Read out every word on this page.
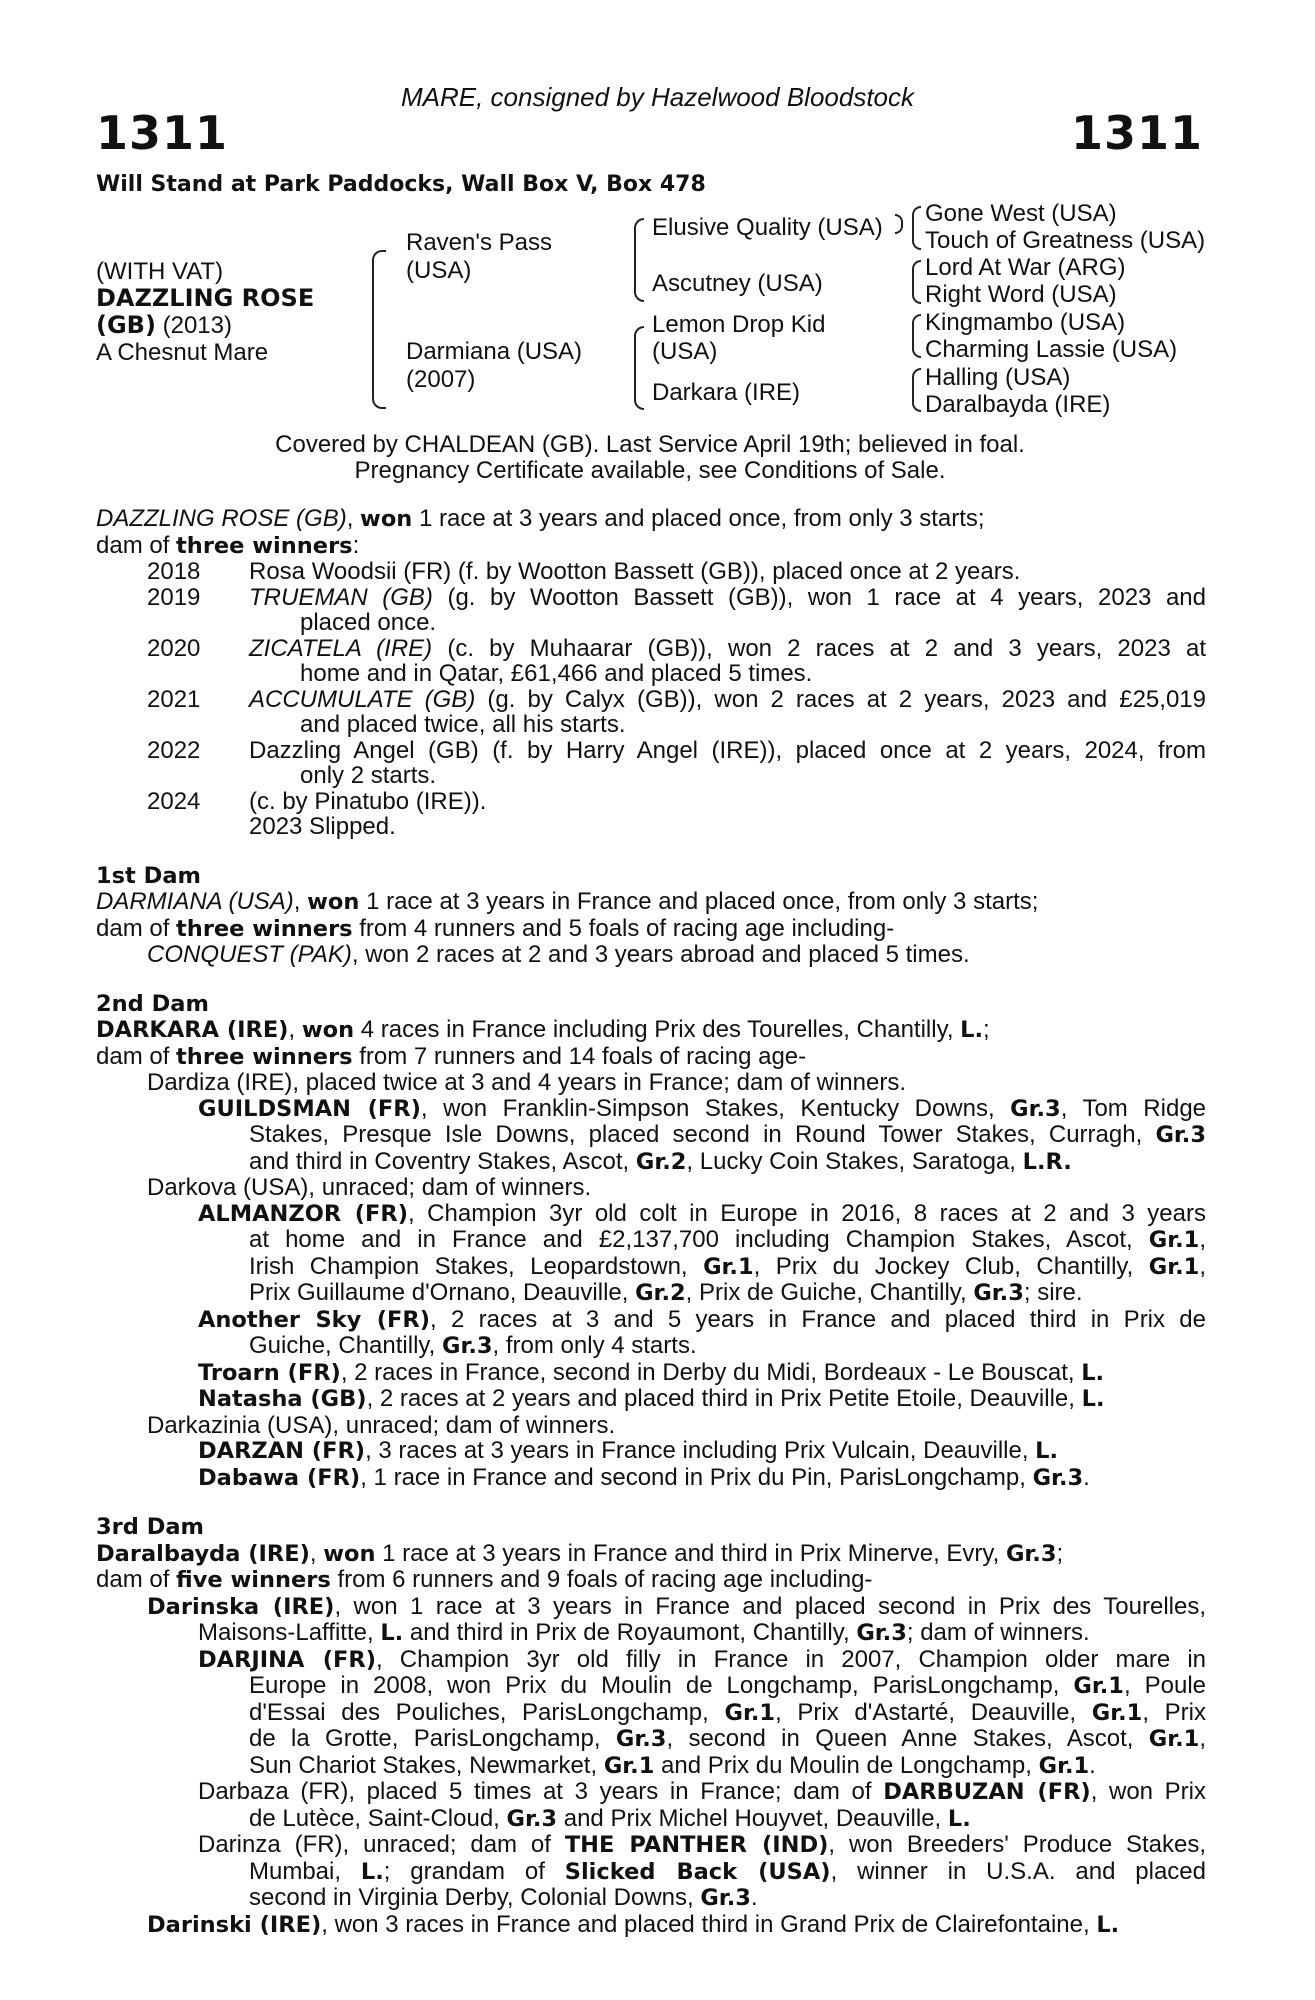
MARE, consigned by Hazelwood Bloodstock
1311	1311
Will Stand at Park Paddocks, Wall Box V, Box 478
(WITH VAT)
DAZZLING ROSE
(GB) (2013)
A Chesnut Mare
Raven's Pass
(USA)
Darmiana (USA)
(2007)
Elusive Quality (USA)
Ascutney (USA)
Lemon Drop Kid
(USA)
Darkara (IRE)
Gone West (USA)
Touch of Greatness (USA)
Lord At War (ARG)
Right Word (USA)
Kingmambo (USA)
Charming Lassie (USA)
Halling (USA)
Daralbayda (IRE)
Covered by CHALDEAN (GB). Last Service April 19th; believed in foal.
Pregnancy Certificate available, see Conditions of Sale.
DAZZLING ROSE (GB), won 1 race at 3 years and placed once, from only 3 starts;
dam of three winners:
2018	Rosa Woodsii (FR) (f. by Wootton Bassett (GB)), placed once at 2 years.
2019	TRUEMAN (GB) (g. by Wootton Bassett (GB)), won 1 race at 4 years, 2023 and
placed once.
2020	ZICATELA (IRE) (c. by Muhaarar (GB)), won 2 races at 2 and 3 years, 2023 at
home and in Qatar, £61,466 and placed 5 times.
2021	ACCUMULATE (GB) (g. by Calyx (GB)), won 2 races at 2 years, 2023 and £25,019
and placed twice, all his starts.
2022	Dazzling Angel (GB) (f. by Harry Angel (IRE)), placed once at 2 years, 2024, from
only 2 starts.
2024	(c. by Pinatubo (IRE)).
2023 Slipped.
1st Dam
DARMIANA (USA), won 1 race at 3 years in France and placed once, from only 3 starts;
dam of three winners from 4 runners and 5 foals of racing age including-
CONQUEST (PAK), won 2 races at 2 and 3 years abroad and placed 5 times.
2nd Dam
DARKARA (IRE), won 4 races in France including Prix des Tourelles, Chantilly, L.;
dam of three winners from 7 runners and 14 foals of racing age-
Dardiza (IRE), placed twice at 3 and 4 years in France; dam of winners.
GUILDSMAN (FR), won Franklin-Simpson Stakes, Kentucky Downs, Gr.3, Tom Ridge
Stakes, Presque Isle Downs, placed second in Round Tower Stakes, Curragh, Gr.3
and third in Coventry Stakes, Ascot, Gr.2, Lucky Coin Stakes, Saratoga, L.R.
Darkova (USA), unraced; dam of winners.
ALMANZOR (FR), Champion 3yr old colt in Europe in 2016, 8 races at 2 and 3 years
at home and in France and £2,137,700 including Champion Stakes, Ascot, Gr.1,
Irish Champion Stakes, Leopardstown, Gr.1, Prix du Jockey Club, Chantilly, Gr.1,
Prix Guillaume d'Ornano, Deauville, Gr.2, Prix de Guiche, Chantilly, Gr.3; sire.
Another Sky (FR), 2 races at 3 and 5 years in France and placed third in Prix de
Guiche, Chantilly, Gr.3, from only 4 starts.
Troarn (FR), 2 races in France, second in Derby du Midi, Bordeaux - Le Bouscat, L.
Natasha (GB), 2 races at 2 years and placed third in Prix Petite Etoile, Deauville, L.
Darkazinia (USA), unraced; dam of winners.
DARZAN (FR), 3 races at 3 years in France including Prix Vulcain, Deauville, L.
Dabawa (FR), 1 race in France and second in Prix du Pin, ParisLongchamp, Gr.3.
3rd Dam
Daralbayda (IRE), won 1 race at 3 years in France and third in Prix Minerve, Evry, Gr.3;
dam of five winners from 6 runners and 9 foals of racing age including-
Darinska (IRE), won 1 race at 3 years in France and placed second in Prix des Tourelles,
Maisons-Laffitte, L. and third in Prix de Royaumont, Chantilly, Gr.3; dam of winners.
DARJINA (FR), Champion 3yr old filly in France in 2007, Champion older mare in
Europe in 2008, won Prix du Moulin de Longchamp, ParisLongchamp, Gr.1, Poule
d'Essai des Pouliches, ParisLongchamp, Gr.1, Prix d'Astarté, Deauville, Gr.1, Prix
de la Grotte, ParisLongchamp, Gr.3, second in Queen Anne Stakes, Ascot, Gr.1,
Sun Chariot Stakes, Newmarket, Gr.1 and Prix du Moulin de Longchamp, Gr.1.
Darbaza (FR), placed 5 times at 3 years in France; dam of DARBUZAN (FR), won Prix
de Lutèce, Saint-Cloud, Gr.3 and Prix Michel Houyvet, Deauville, L.
Darinza (FR), unraced; dam of THE PANTHER (IND), won Breeders' Produce Stakes,
Mumbai, L.; grandam of Slicked Back (USA), winner in U.S.A. and placed
second in Virginia Derby, Colonial Downs, Gr.3.
Darinski (IRE), won 3 races in France and placed third in Grand Prix de Clairefontaine, L.
